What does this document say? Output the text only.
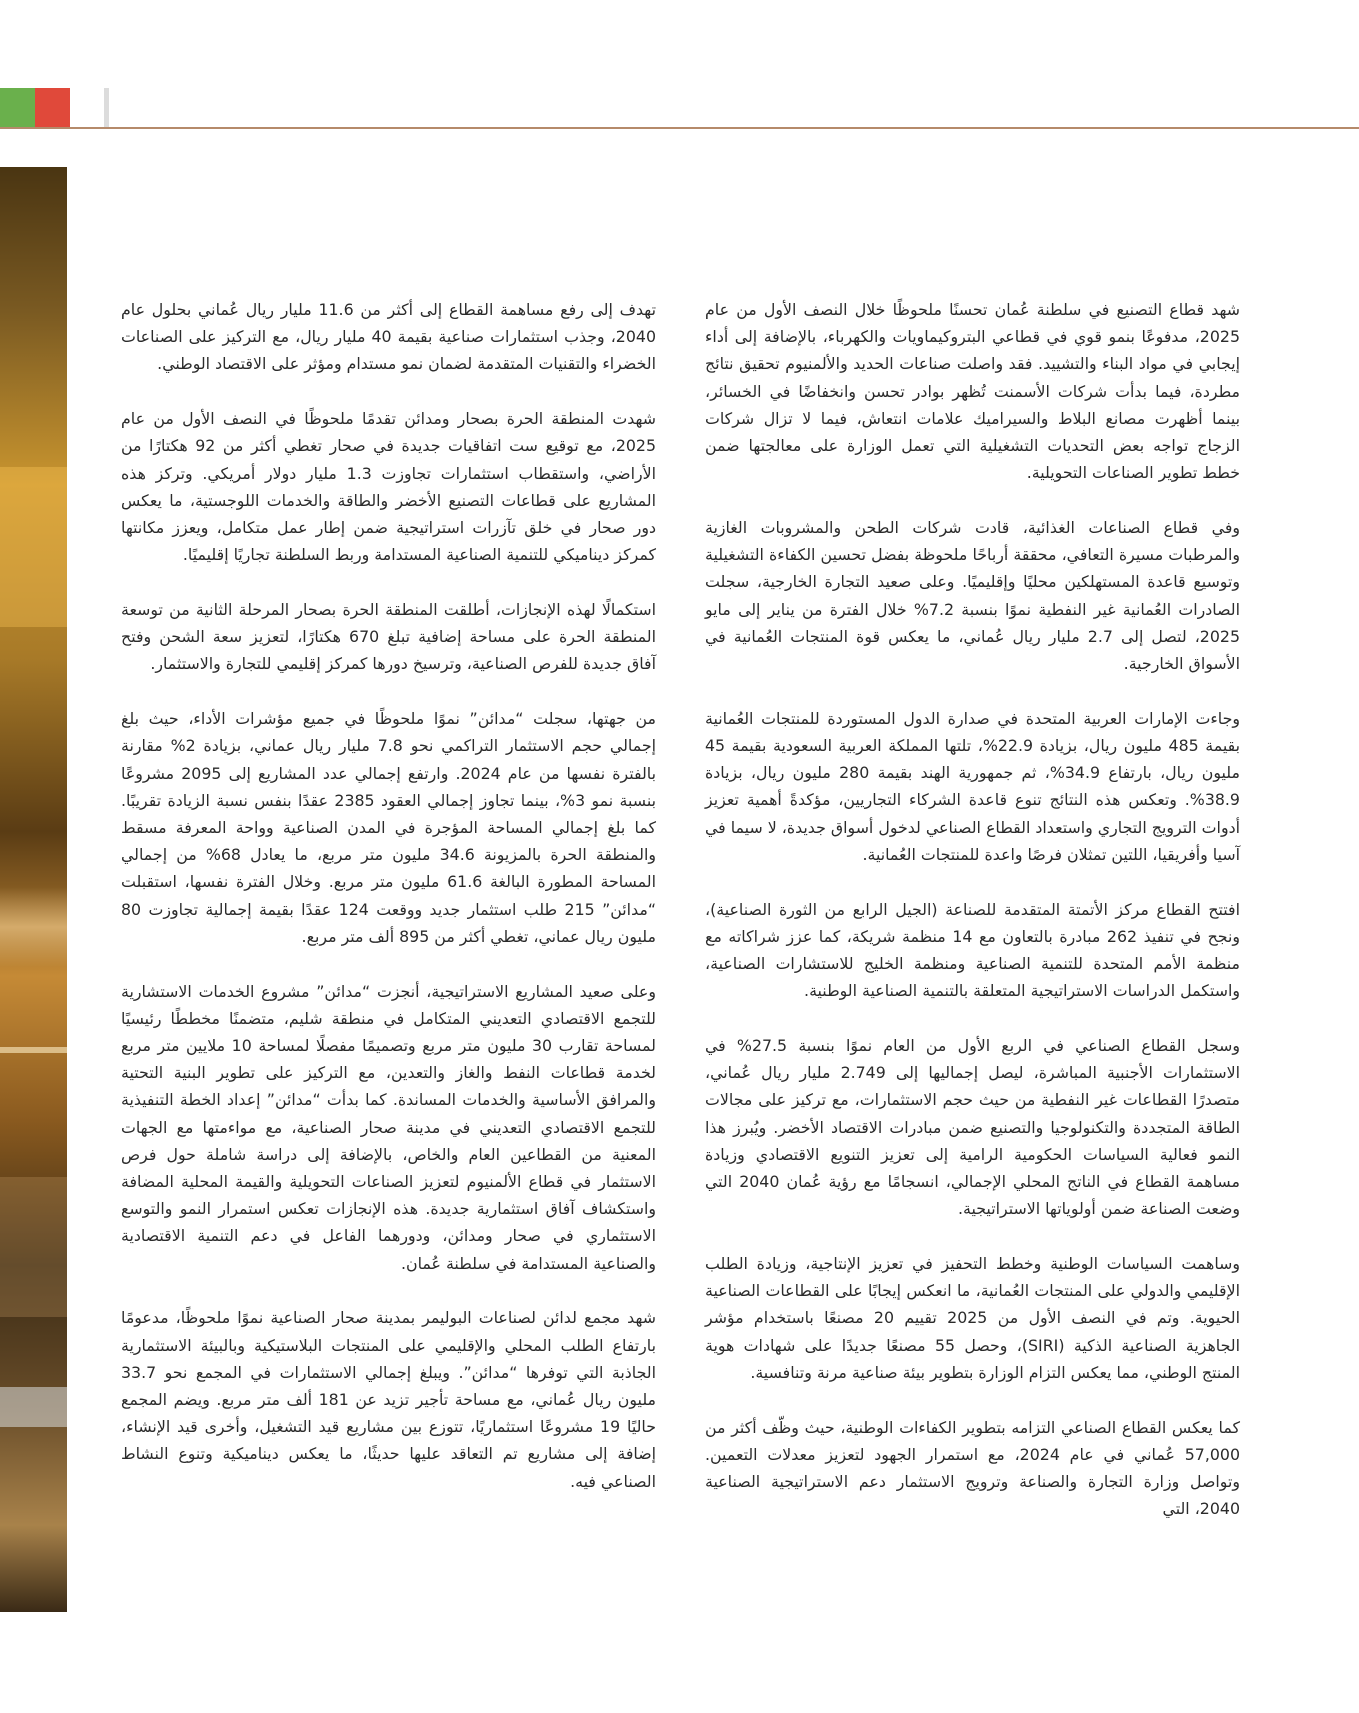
شهد قطاع التصنيع في سلطنة عُمان تحسنًا ملحوظًا خلال النصف الأول من عام 2025، مدفوعًا بنمو قوي في قطاعي البتروكيماويات والكهرباء، بالإضافة إلى أداء إيجابي في مواد البناء والتشييد. فقد واصلت صناعات الحديد والألمنيوم تحقيق نتائج مطردة، فيما بدأت شركات الأسمنت تُظهر بوادر تحسن وانخفاضًا في الخسائر، بينما أظهرت مصانع البلاط والسيراميك علامات انتعاش، فيما لا تزال شركات الزجاج تواجه بعض التحديات التشغيلية التي تعمل الوزارة على معالجتها ضمن خطط تطوير الصناعات التحويلية.

وفي قطاع الصناعات الغذائية، قادت شركات الطحن والمشروبات الغازية والمرطبات مسيرة التعافي، محققة أرباحًا ملحوظة بفضل تحسين الكفاءة التشغيلية وتوسيع قاعدة المستهلكين محليًا وإقليميًا. وعلى صعيد التجارة الخارجية، سجلت الصادرات العُمانية غير النفطية نموًا بنسبة 7.2% خلال الفترة من يناير إلى مايو 2025، لتصل إلى 2.7 مليار ريال عُماني، ما يعكس قوة المنتجات العُمانية في الأسواق الخارجية.

وجاءت الإمارات العربية المتحدة في صدارة الدول المستوردة للمنتجات العُمانية بقيمة 485 مليون ريال، بزيادة 22.9%، تلتها المملكة العربية السعودية بقيمة 45 مليون ريال، بارتفاع 34.9%، ثم جمهورية الهند بقيمة 280 مليون ريال، بزيادة 38.9%. وتعكس هذه النتائج تنوع قاعدة الشركاء التجاريين، مؤكدةً أهمية تعزيز أدوات الترويج التجاري واستعداد القطاع الصناعي لدخول أسواق جديدة، لا سيما في آسيا وأفريقيا، اللتين تمثلان فرصًا واعدة للمنتجات العُمانية.

افتتح القطاع مركز الأتمتة المتقدمة للصناعة (الجيل الرابع من الثورة الصناعية)، ونجح في تنفيذ 262 مبادرة بالتعاون مع 14 منظمة شريكة، كما عزز شراكاته مع منظمة الأمم المتحدة للتنمية الصناعية ومنظمة الخليج للاستشارات الصناعية، واستكمل الدراسات الاستراتيجية المتعلقة بالتنمية الصناعية الوطنية.

وسجل القطاع الصناعي في الربع الأول من العام نموًا بنسبة 27.5% في الاستثمارات الأجنبية المباشرة، ليصل إجماليها إلى 2.749 مليار ريال عُماني، متصدرًا القطاعات غير النفطية من حيث حجم الاستثمارات، مع تركيز على مجالات الطاقة المتجددة والتكنولوجيا والتصنيع ضمن مبادرات الاقتصاد الأخضر. ويُبرز هذا النمو فعالية السياسات الحكومية الرامية إلى تعزيز التنويع الاقتصادي وزيادة مساهمة القطاع في الناتج المحلي الإجمالي، انسجامًا مع رؤية عُمان 2040 التي وضعت الصناعة ضمن أولوياتها الاستراتيجية.

وساهمت السياسات الوطنية وخطط التحفيز في تعزيز الإنتاجية، وزيادة الطلب الإقليمي والدولي على المنتجات العُمانية، ما انعكس إيجابًا على القطاعات الصناعية الحيوية. وتم في النصف الأول من 2025 تقييم 20 مصنعًا باستخدام مؤشر الجاهزية الصناعية الذكية (SIRI)، وحصل 55 مصنعًا جديدًا على شهادات هوية المنتج الوطني، مما يعكس التزام الوزارة بتطوير بيئة صناعية مرنة وتنافسية.

كما يعكس القطاع الصناعي التزامه بتطوير الكفاءات الوطنية، حيث وظّف أكثر من 57,000 عُماني في عام 2024، مع استمرار الجهود لتعزيز معدلات التعمين. وتواصل وزارة التجارة والصناعة وترويج الاستثمار دعم الاستراتيجية الصناعية 2040، التي

تهدف إلى رفع مساهمة القطاع إلى أكثر من 11.6 مليار ريال عُماني بحلول عام 2040، وجذب استثمارات صناعية بقيمة 40 مليار ريال، مع التركيز على الصناعات الخضراء والتقنيات المتقدمة لضمان نمو مستدام ومؤثر على الاقتصاد الوطني.

شهدت المنطقة الحرة بصحار ومدائن تقدمًا ملحوظًا في النصف الأول من عام 2025، مع توقيع ست اتفاقيات جديدة في صحار تغطي أكثر من 92 هكتارًا من الأراضي، واستقطاب استثمارات تجاوزت 1.3 مليار دولار أمريكي. وتركز هذه المشاريع على قطاعات التصنيع الأخضر والطاقة والخدمات اللوجستية، ما يعكس دور صحار في خلق تآزرات استراتيجية ضمن إطار عمل متكامل، ويعزز مكانتها كمركز ديناميكي للتنمية الصناعية المستدامة وربط السلطنة تجاريًا إقليميًا.

استكمالًا لهذه الإنجازات، أطلقت المنطقة الحرة بصحار المرحلة الثانية من توسعة المنطقة الحرة على مساحة إضافية تبلغ 670 هكتارًا، لتعزيز سعة الشحن وفتح آفاق جديدة للفرص الصناعية، وترسيخ دورها كمركز إقليمي للتجارة والاستثمار.

من جهتها، سجلت “مدائن” نموًا ملحوظًا في جميع مؤشرات الأداء، حيث بلغ إجمالي حجم الاستثمار التراكمي نحو 7.8 مليار ريال عماني، بزيادة 2% مقارنة بالفترة نفسها من عام 2024. وارتفع إجمالي عدد المشاريع إلى 2095 مشروعًا بنسبة نمو 3%، بينما تجاوز إجمالي العقود 2385 عقدًا بنفس نسبة الزيادة تقريبًا. كما بلغ إجمالي المساحة المؤجرة في المدن الصناعية وواحة المعرفة مسقط والمنطقة الحرة بالمزيونة 34.6 مليون متر مربع، ما يعادل 68% من إجمالي المساحة المطورة البالغة 61.6 مليون متر مربع. وخلال الفترة نفسها، استقبلت “مدائن” 215 طلب استثمار جديد ووقعت 124 عقدًا بقيمة إجمالية تجاوزت 80 مليون ريال عماني، تغطي أكثر من 895 ألف متر مربع.

وعلى صعيد المشاريع الاستراتيجية، أنجزت “مدائن” مشروع الخدمات الاستشارية للتجمع الاقتصادي التعديني المتكامل في منطقة شليم، متضمنًا مخططًا رئيسيًا لمساحة تقارب 30 مليون متر مربع وتصميمًا مفصلًا لمساحة 10 ملايين متر مربع لخدمة قطاعات النفط والغاز والتعدين، مع التركيز على تطوير البنية التحتية والمرافق الأساسية والخدمات المساندة. كما بدأت “مدائن” إعداد الخطة التنفيذية للتجمع الاقتصادي التعديني في مدينة صحار الصناعية، مع مواءمتها مع الجهات المعنية من القطاعين العام والخاص، بالإضافة إلى دراسة شاملة حول فرص الاستثمار في قطاع الألمنيوم لتعزيز الصناعات التحويلية والقيمة المحلية المضافة واستكشاف آفاق استثمارية جديدة. هذه الإنجازات تعكس استمرار النمو والتوسع الاستثماري في صحار ومدائن، ودورهما الفاعل في دعم التنمية الاقتصادية والصناعية المستدامة في سلطنة عُمان.

شهد مجمع لدائن لصناعات البوليمر بمدينة صحار الصناعية نموًا ملحوظًا، مدعومًا بارتفاع الطلب المحلي والإقليمي على المنتجات البلاستيكية وبالبيئة الاستثمارية الجاذبة التي توفرها “مدائن”. ويبلغ إجمالي الاستثمارات في المجمع نحو 33.7 مليون ريال عُماني، مع مساحة تأجير تزيد عن 181 ألف متر مربع. ويضم المجمع حاليًا 19 مشروعًا استثماريًا، تتوزع بين مشاريع قيد التشغيل، وأخرى قيد الإنشاء، إضافة إلى مشاريع تم التعاقد عليها حديثًا، ما يعكس ديناميكية وتنوع النشاط الصناعي فيه.
